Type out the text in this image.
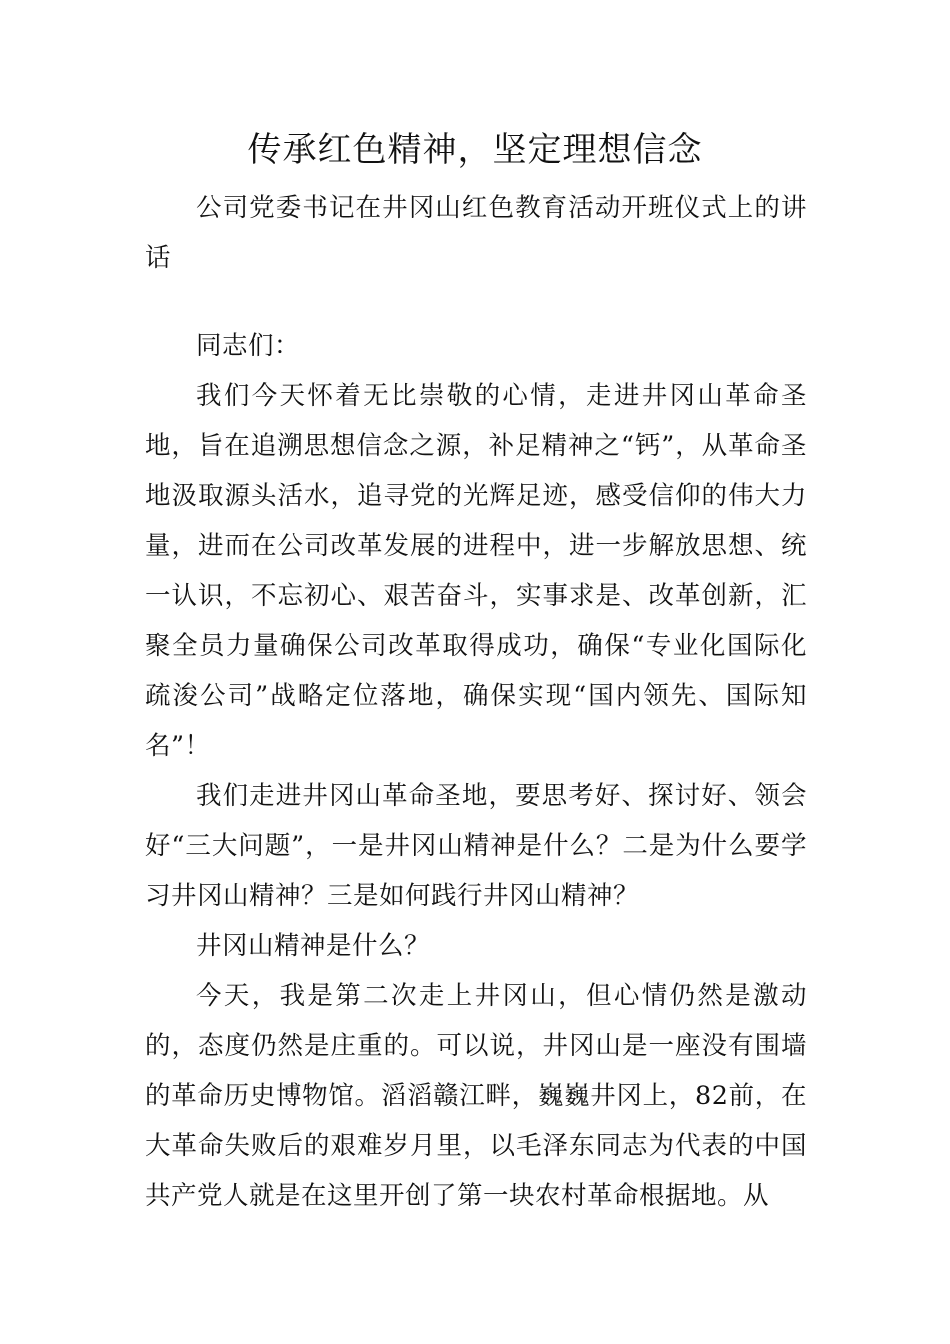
传承红色精神，坚定理想信念

公司党委书记在井冈山红色教育活动开班仪式上的讲话

同志们：

我们今天怀着无比崇敬的心情，走进井冈山革命圣地，旨在追溯思想信念之源，补足精神之“钙”，从革命圣地汲取源头活水，追寻党的光辉足迹，感受信仰的伟大力量，进而在公司改革发展的进程中，进一步解放思想、统一认识，不忘初心、艰苦奋斗，实事求是、改革创新，汇聚全员力量确保公司改革取得成功，确保“专业化国际化疏浚公司”战略定位落地，确保实现“国内领先、国际知名”！

我们走进井冈山革命圣地，要思考好、探讨好、领会好“三大问题”，一是井冈山精神是什么？二是为什么要学习井冈山精神？三是如何践行井冈山精神？

井冈山精神是什么？

今天，我是第二次走上井冈山，但心情仍然是激动的，态度仍然是庄重的。可以说，井冈山是一座没有围墙的革命历史博物馆。滔滔赣江畔，巍巍井冈上，82前，在大革命失败后的艰难岁月里，以毛泽东同志为代表的中国共产党人就是在这里开创了第一块农村革命根据地。从
